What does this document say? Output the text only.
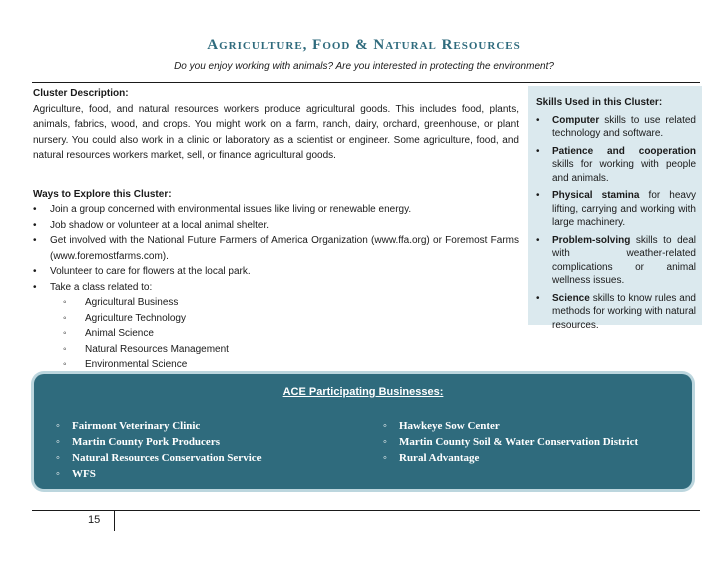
Agriculture, Food & Natural Resources
Do you enjoy working with animals? Are you interested in protecting the environment?
Cluster Description:

Agriculture, food, and natural resources workers produce agricultural goods. This includes food, plants, animals, fabrics, wood, and crops. You might work on a farm, ranch, dairy, orchard, greenhouse, or plant nursery. You could also work in a clinic or laboratory as a scientist or engineer. Some agriculture, food, and natural resources workers market, sell, or finance agricultural goods.

Ways to Explore this Cluster:
• Join a group concerned with environmental issues like living or renewable energy.
• Job shadow or volunteer at a local animal shelter.
• Get involved with the National Future Farmers of America Organization (www.ffa.org) or Foremost Farms (www.foremostfarms.com).
• Volunteer to care for flowers at the local park.
• Take a class related to:
◦ Agricultural Business
◦ Agriculture Technology
◦ Animal Science
◦ Natural Resources Management
◦ Environmental Science
Skills Used in this Cluster:
• Computer skills to use related technology and software.
• Patience and cooperation skills for working with people and animals.
• Physical stamina for heavy lifting, carrying and working with large machinery.
• Problem-solving skills to deal with weather-related complications or animal wellness issues.
• Science skills to know rules and methods for working with natural resources.
ACE Participating Businesses:
◦ Fairmont Veterinary Clinic
◦ Martin County Pork Producers
◦ Natural Resources Conservation Service
◦ WFS
◦ Hawkeye Sow Center
◦ Martin County Soil & Water Conservation District
◦ Rural Advantage
15
